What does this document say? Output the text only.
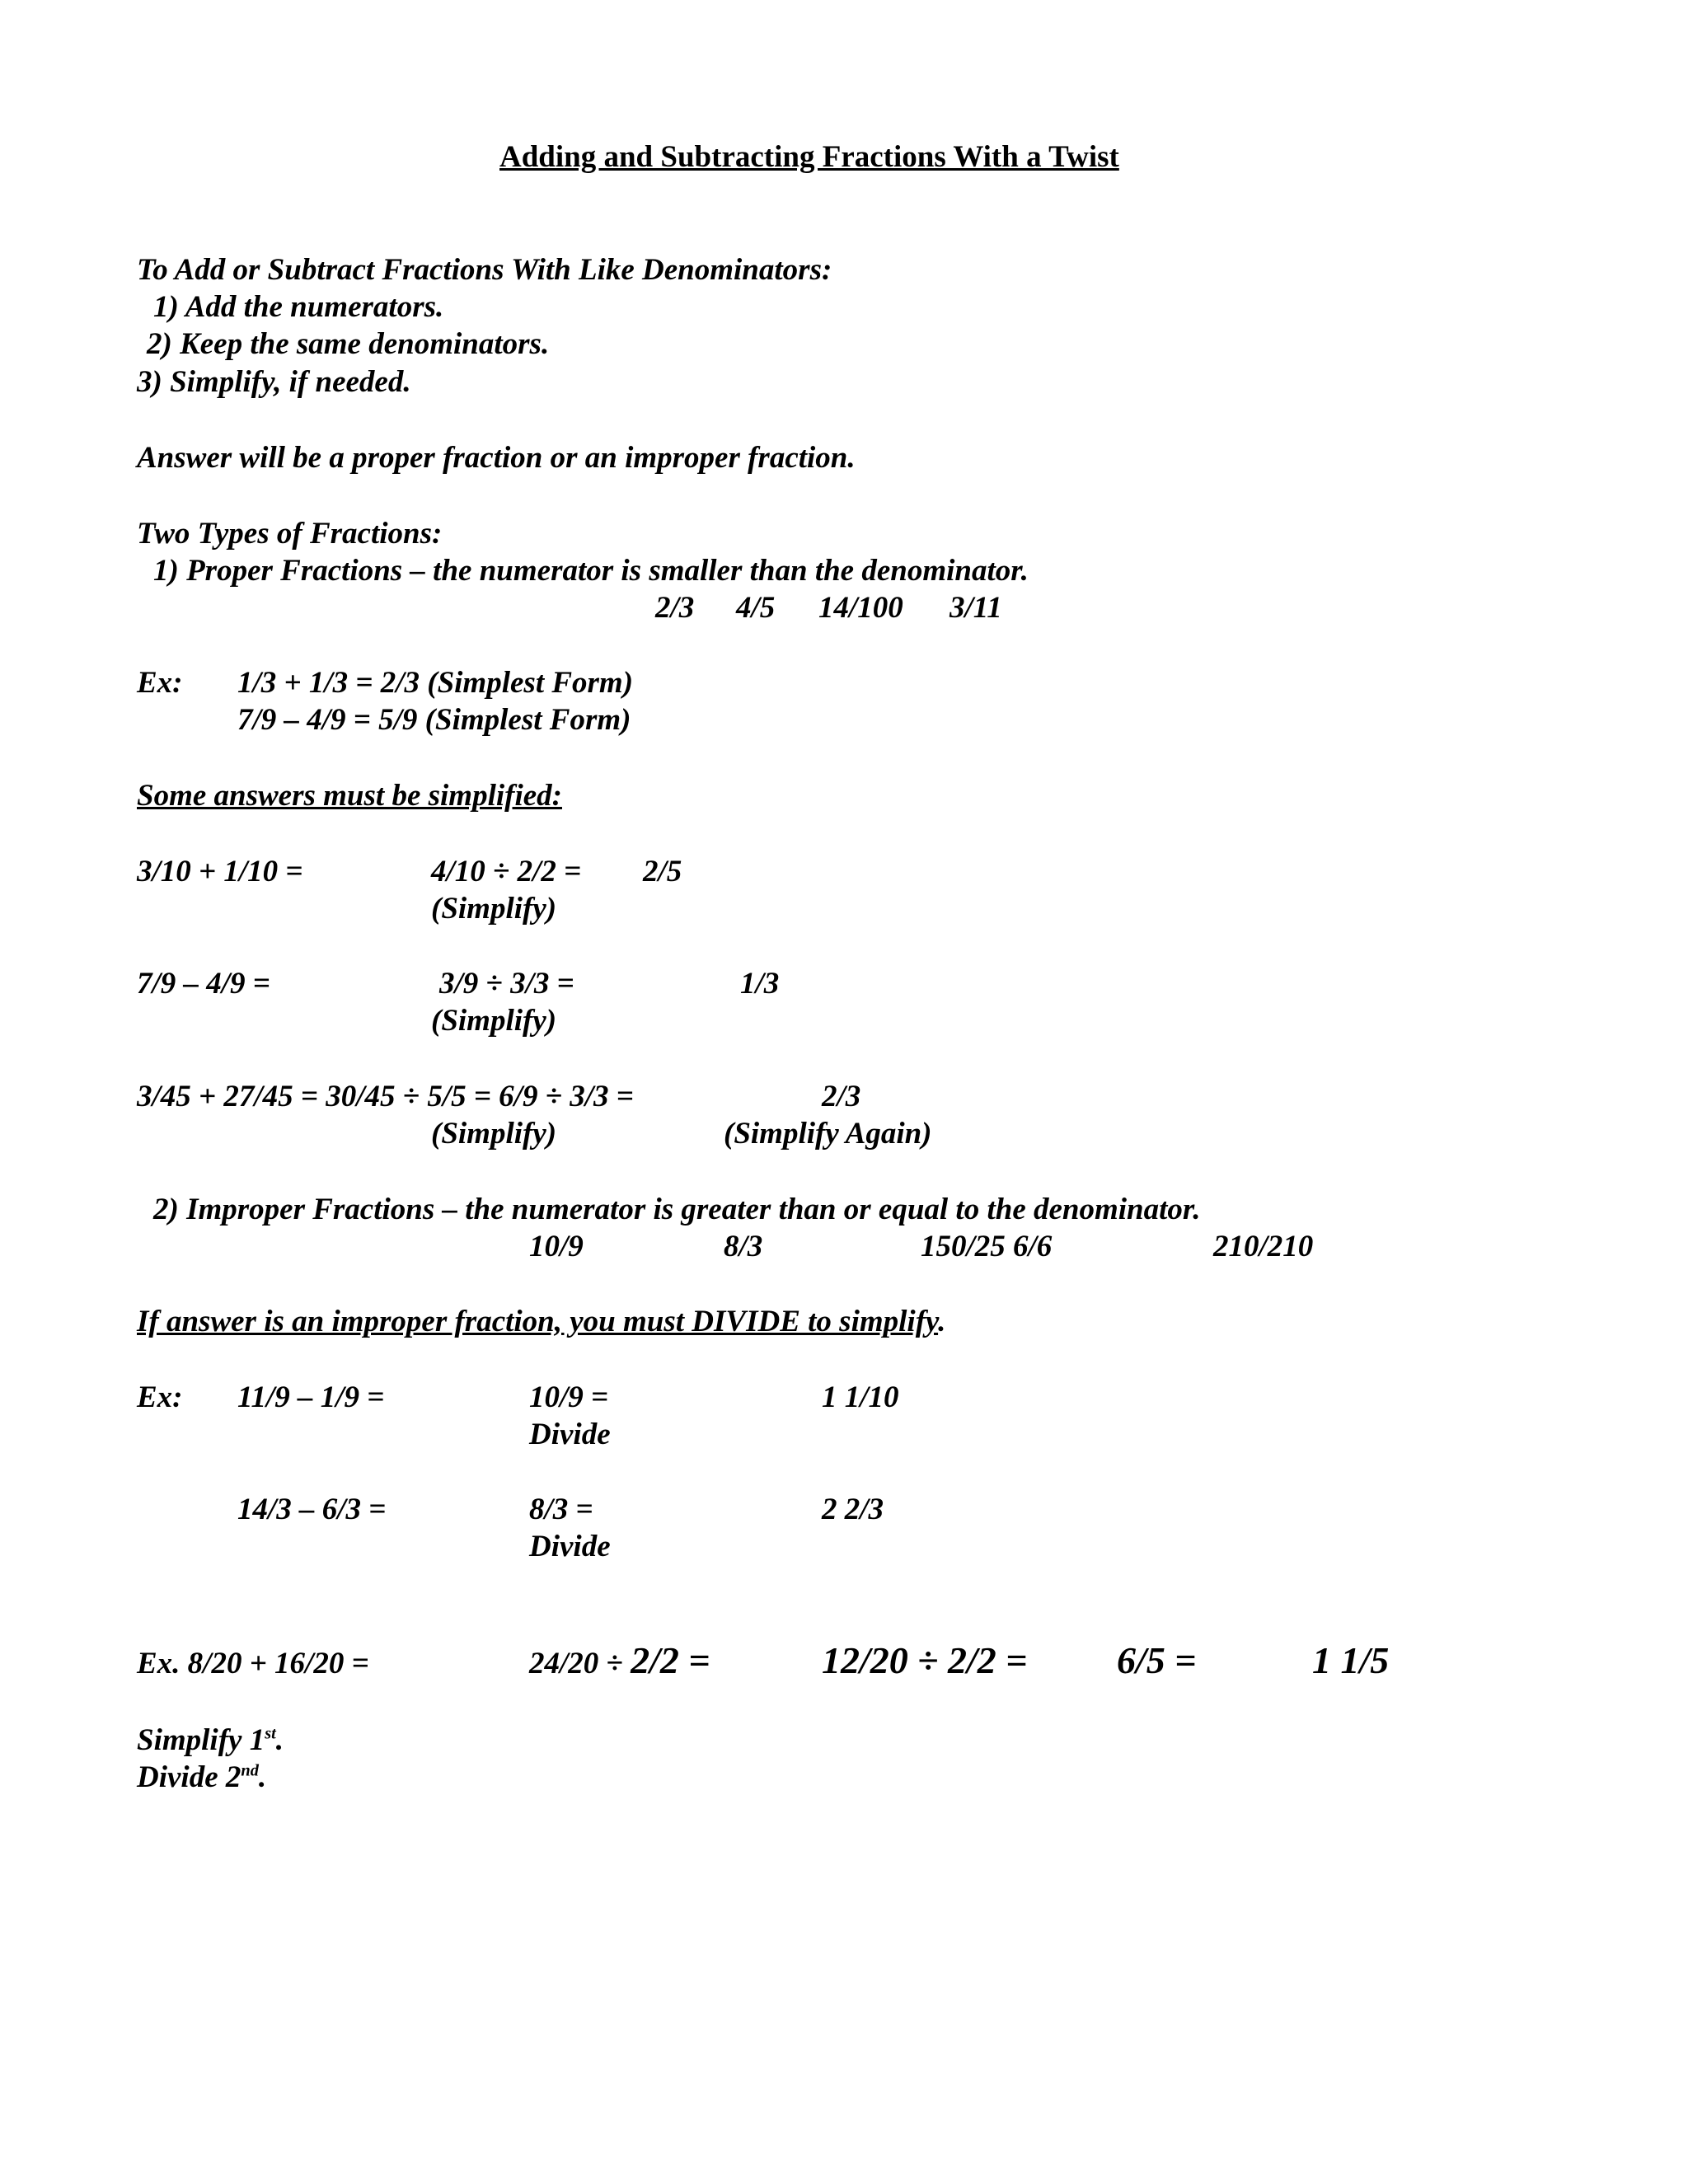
Adding and Subtracting Fractions With a Twist
To Add or Subtract Fractions With Like Denominators:
1) Add the numerators.
2) Keep the same denominators.
3) Simplify, if needed.
Answer will be a proper fraction or an improper fraction.
Two Types of Fractions:
1) Proper Fractions – the numerator is smaller than the denominator.
2/3 4/5 14/100 3/11
Ex: 1/3 + 1/3 = 2/3 (Simplest Form)
7/9 – 4/9 = 5/9 (Simplest Form)
Some answers must be simplified:
3/10 + 1/10 =	4/10 ÷ 2/2 = 2/5
(Simplify)
7/9 – 4/9 =	3/9 ÷ 3/3 =	1/3
(Simplify)
3/45 + 27/45 = 30/45 ÷ 5/5 = 6/9 ÷ 3/3 =	2/3
(Simplify)	(Simplify Again)
2) Improper Fractions – the numerator is greater than or equal to the denominator.
10/9	8/3	150/25 6/6	210/210
If answer is an improper fraction, you must DIVIDE to simplify.
Ex: 11/9 – 1/9 =	10/9 =	1 1/10
Divide
14/3 – 6/3 =	8/3 =	2 2/3
Divide
Ex. 8/20 + 16/20 =	24/20 ÷ 2/2 =	12/20 ÷ 2/2 = 6/5 =	1 1/5
Simplify 1st.
Divide 2nd.
